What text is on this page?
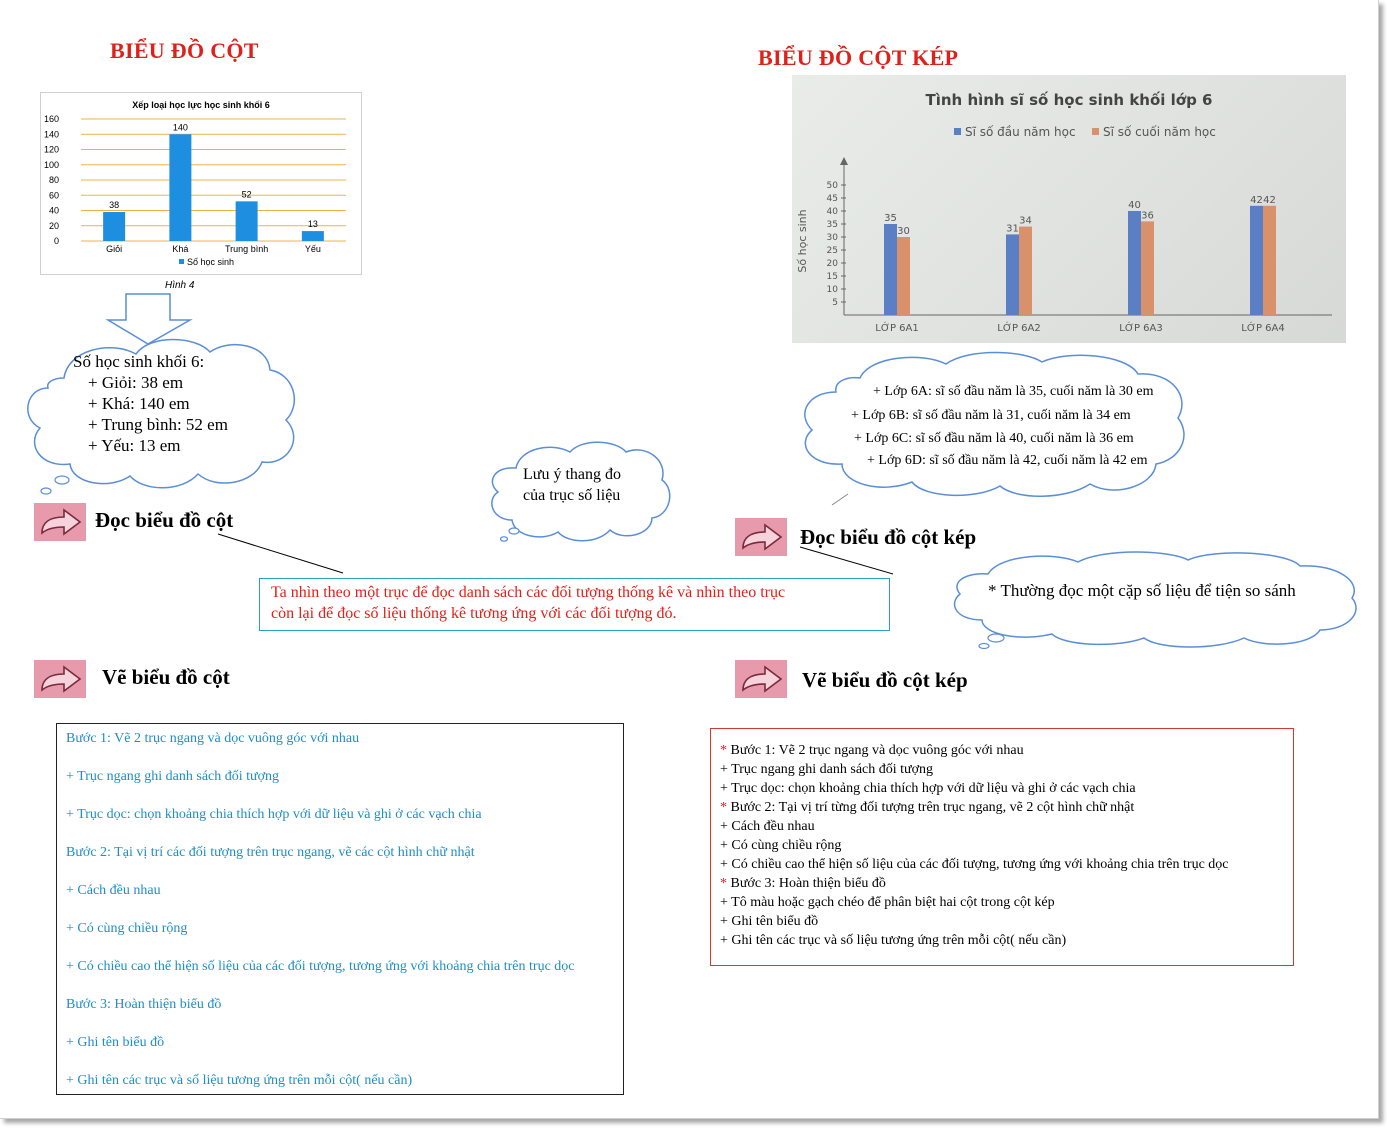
BIỂU ĐỒ CỘT
Xếp loại học lực học sinh khối 6
0
20
40
60
80
100
120
140
160
38
Giỏi
140
Khá
52
Trung bình
13
Yếu
Số học sinh
Hình 4
Số học sinh khối 6:
+ Giỏi: 38 em
+ Khá: 140 em
+ Trung bình: 52 em
+ Yếu: 13 em
Đọc biểu đồ cột
Lưu ý thang đo
của trục số liệu
Ta nhìn theo một trục để đọc danh sách các đối tượng thống kê và nhìn theo trục
còn lại để đọc số liệu thống kê tương ứng với các đối tượng đó.
Vẽ biểu đồ cột
Bước 1: Vẽ 2 trục ngang và dọc vuông góc với nhau
+ Trục ngang ghi danh sách đối tượng
+ Trục dọc: chọn khoảng chia thích hợp với dữ liệu và ghi ở các vạch chia
Bước 2: Tại vị trí các đối tượng trên trục ngang, vẽ các cột hình chữ nhật
+ Cách đều nhau
+ Có cùng chiều rộng
+ Có chiều cao thể hiện số liệu của các đối tượng, tương ứng với khoảng chia trên trục dọc
Bước 3: Hoàn thiện biểu đồ
+ Ghi tên biểu đồ
+ Ghi tên các trục và số liệu tương ứng trên mỗi cột( nếu cần)
BIỂU ĐỒ CỘT KÉP
Tình hình sĩ số học sinh khối lớp 6
Sĩ số đầu năm học Sĩ số cuối năm học
5
10
15
20
25
30
35
40
45
50
Số học sinh	35
30
LỚP 6A1
31
34
LỚP 6A2
40
36
LỚP 6A3
42 42
LỚP 6A4
+ Lớp 6A: sĩ số đầu năm là 35, cuối năm là 30 em
+ Lớp 6B: sĩ số đầu năm là 31, cuối năm là 34 em
+ Lớp 6C: sĩ số đầu năm là 40, cuối năm là 36 em
+ Lớp 6D: sĩ số đầu năm là 42, cuối năm là 42 em
Đọc biểu đồ cột kép
* Thường đọc một cặp số liệu để tiện so sánh
Vẽ biểu đồ cột kép
* Bước 1: Vẽ 2 trục ngang và dọc vuông góc với nhau
+ Trục ngang ghi danh sách đối tượng
+ Trục dọc: chọn khoảng chia thích hợp với dữ liệu và ghi ở các vạch chia
* Bước 2: Tại vị trí từng đối tượng trên trục ngang, vẽ 2 cột hình chữ nhật
+ Cách đều nhau
+ Có cùng chiều rộng
+ Có chiều cao thể hiện số liệu của các đối tượng, tương ứng với khoảng chia trên trục dọc
* Bước 3: Hoàn thiện biểu đồ
+ Tô màu hoặc gạch chéo để phân biệt hai cột trong cột kép
+ Ghi tên biểu đồ
+ Ghi tên các trục và số liệu tương ứng trên mỗi cột( nếu cần)
